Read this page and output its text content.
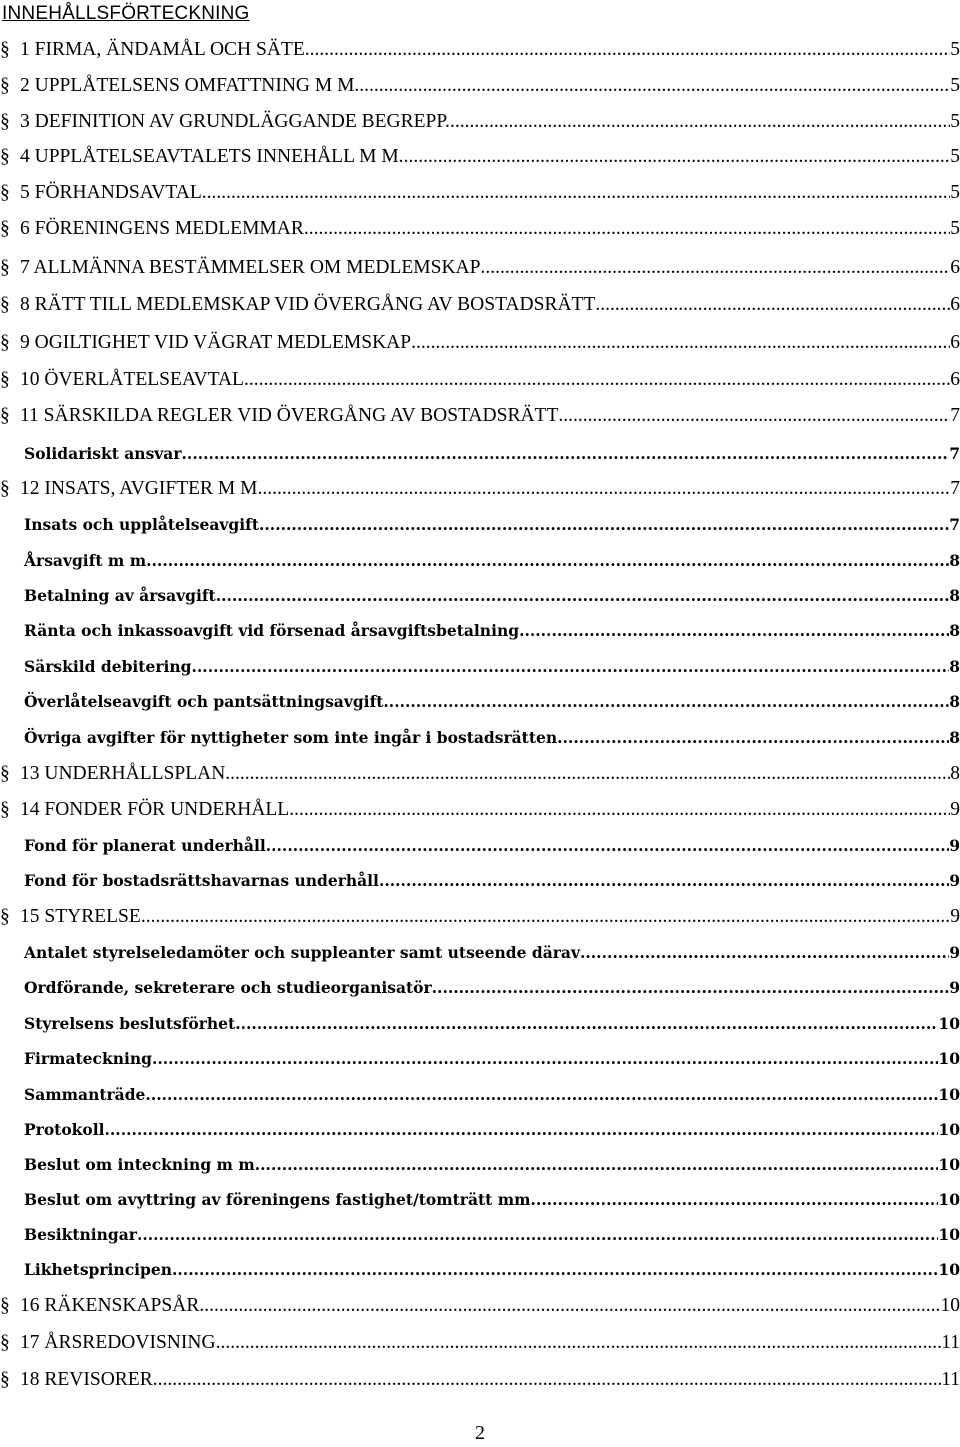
INNEHÅLLSFÖRTECKNING
§ 1 FIRMA, ÄNDAMÅL OCH SÄTE .....	5
§ 2 UPPLÅTELSENS OMFATTNING M M. .....	5
§ 3 DEFINITION AV GRUNDLÄGGANDE BEGREPP. .....	5
§ 4 UPPLÅTELSEAVTALETS INNEHÅLL M M. .....	5
§ 5 FÖRHANDSAVTAL .....	5
§ 6 FÖRENINGENS MEDLEMMAR .....	5
§ 7 ALLMÄNNA BESTÄMMELSER OM MEDLEMSKAP .....	6
§ 8 RÄTT TILL MEDLEMSKAP VID ÖVERGÅNG AV BOSTADSRÄTT .....	6
§ 9 OGILTIGHET VID VÄGRAT MEDLEMSKAP .....	6
§ 10 ÖVERLÅTELSEAVTAL .....	6
§ 11 SÄRSKILDA REGLER VID ÖVERGÅNG AV BOSTADSRÄTT .....	7
Solidariskt ansvar .....	7
§ 12 INSATS, AVGIFTER M M. .....	7
Insats och upplåtelseavgift .....	7
Årsavgift m m .....	8
Betalning av årsavgift .....	8
Ränta och inkassoavgift vid försenad årsavgiftsbetalning .....	8
Särskild debitering .....	8
Överlåtelseavgift och pantsättningsavgift .....	8
Övriga avgifter för nyttigheter som inte ingår i bostadsrätten .....	8
§ 13 UNDERHÅLLSPLAN .....	8
§ 14 FONDER FÖR UNDERHÅLL .....	9
Fond för planerat underhåll .....	9
Fond för bostadsrättshavarnas underhåll .....	9
§ 15 STYRELSE .....	9
Antalet styrelseledamöter och suppleanter samt utseende därav .....	9
Ordförande, sekreterare och studieorganisatör .....	9
Styrelsens beslutsförhet .....	10
Firmateckning .....	10
Sammanträde .....	10
Protokoll .....	10
Beslut om inteckning m m .....	10
Beslut om avyttring av föreningens fastighet/tomträtt mm .....	10
Besiktningar .....	10
Likhetsprincipen .....	10
§ 16 RÄKENSKAPSÅR .....	10
§ 17 ÅRSREDOVISNING .....	11
§ 18 REVISORER .....	11
2
